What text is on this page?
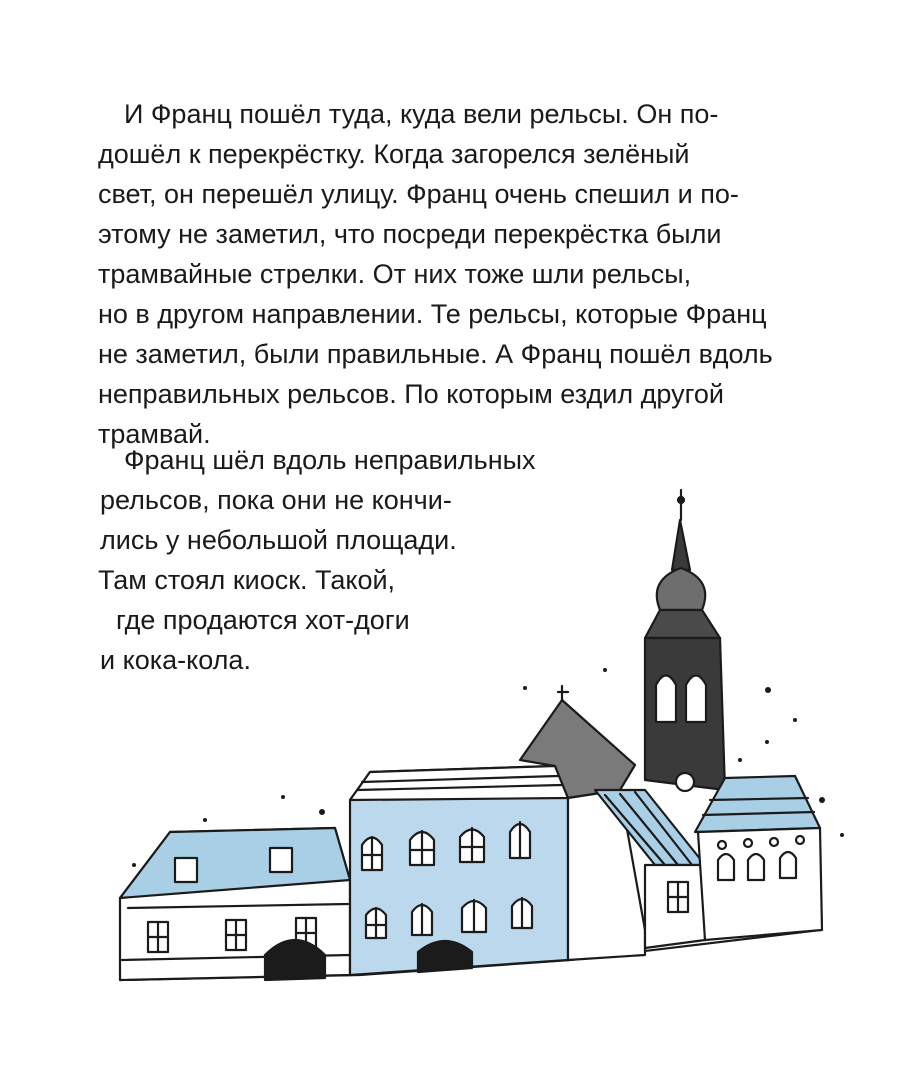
И Франц пошёл туда, куда вели рельсы. Он по-
дошёл к перекрёстку. Когда загорелся зелёный
свет, он перешёл улицу. Франц очень спешил и по-
этому не заметил, что посреди перекрёстка были
трамвайные стрелки. От них тоже шли рельсы,
но в другом направлении. Те рельсы, которые Франц
не заметил, были правильные. А Франц пошёл вдоль
неправильных рельсов. По которым ездил другой
трамвай.
Франц шёл вдоль неправильных
рельсов, пока они не кончи-
лись у небольшой площади.
Там стоял киоск. Такой,
где продаются хот-доги
и кока-кола.
